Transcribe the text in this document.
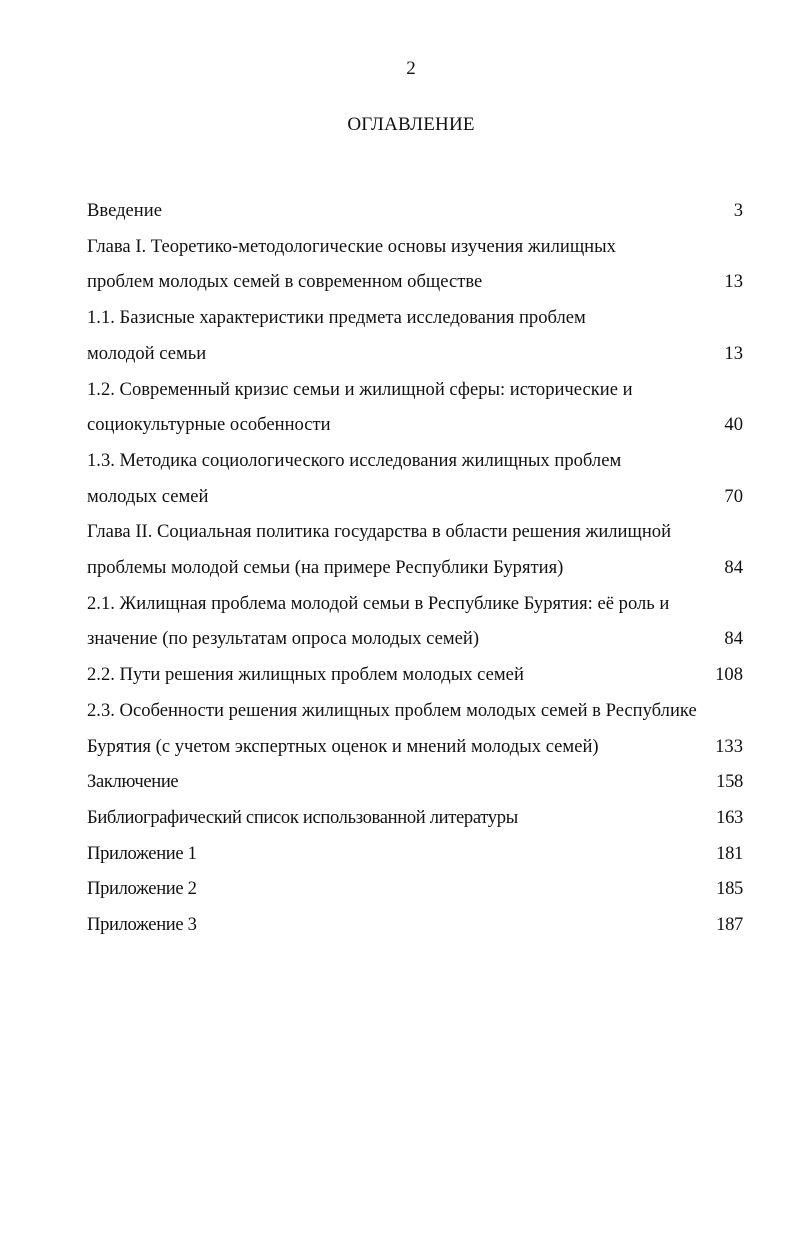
2
ОГЛАВЛЕНИЕ
Введение	3
Глава I. Теоретико-методологические основы изучения жилищных
проблем молодых семей в современном обществе	13
1.1. Базисные характеристики предмета исследования проблем
молодой семьи	13
1.2. Современный кризис семьи и жилищной сферы: исторические и
социокультурные особенности	40
1.3. Методика социологического исследования жилищных проблем
молодых семей	70
Глава II. Социальная политика государства в области решения жилищной
проблемы молодой семьи (на примере Республики Бурятия)	84
2.1. Жилищная проблема молодой семьи в Республике Бурятия: её роль и
значение (по результатам опроса молодых семей)	84
2.2. Пути решения жилищных проблем молодых семей	108
2.3. Особенности решения жилищных проблем молодых семей в Республике
Бурятия (с учетом экспертных оценок и мнений молодых семей)	133
Заключение	158
Библиографический список использованной литературы	163
Приложение 1	181
Приложение 2	185
Приложение 3	187
